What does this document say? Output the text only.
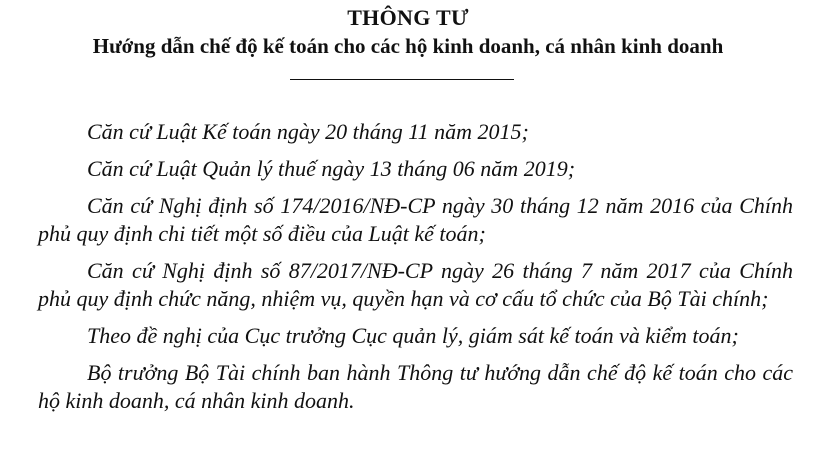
THÔNG TƯ
Hướng dẫn chế độ kế toán cho các hộ kinh doanh, cá nhân kinh doanh

Căn cứ Luật Kế toán ngày 20 tháng 11 năm 2015;

Căn cứ Luật Quản lý thuế ngày 13 tháng 06 năm 2019;

Căn cứ Nghị định số 174/2016/NĐ-CP ngày 30 tháng 12 năm 2016 của Chính phủ quy định chi tiết một số điều của Luật kế toán;

Căn cứ Nghị định số 87/2017/NĐ-CP ngày 26 tháng 7 năm 2017 của Chính phủ quy định chức năng, nhiệm vụ, quyền hạn và cơ cấu tổ chức của Bộ Tài chính;

Theo đề nghị của Cục trưởng Cục quản lý, giám sát kế toán và kiểm toán;

Bộ trưởng Bộ Tài chính ban hành Thông tư hướng dẫn chế độ kế toán cho các hộ kinh doanh, cá nhân kinh doanh.
